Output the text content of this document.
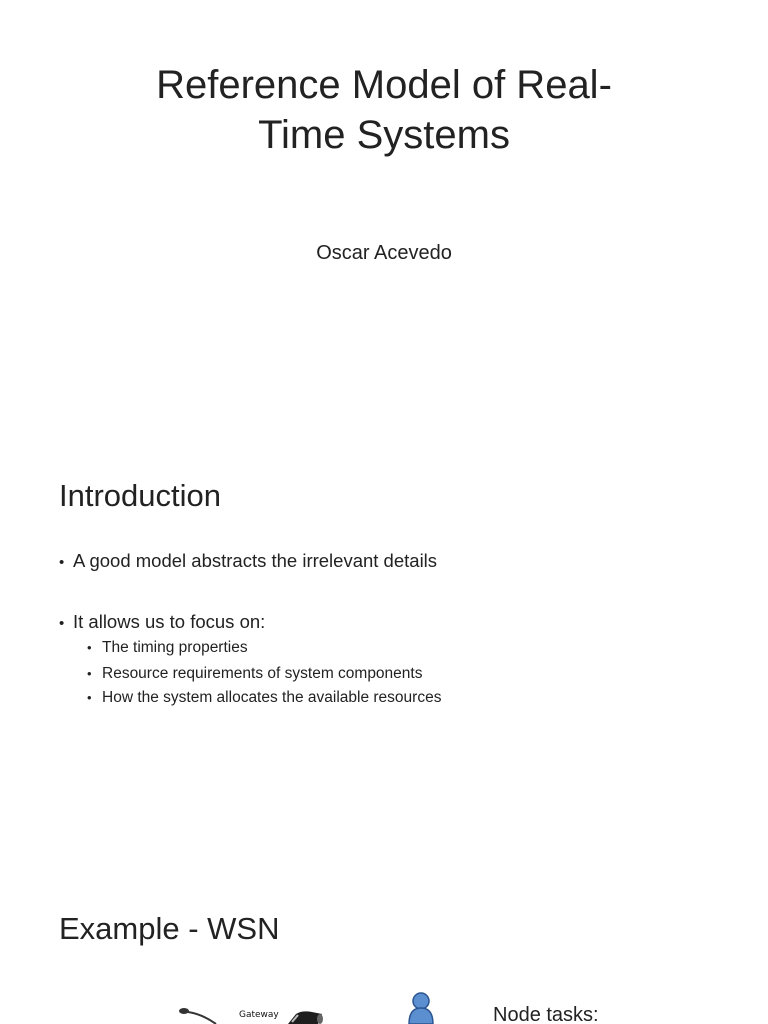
Reference Model of Real-
Time Systems

Oscar Acevedo

Introduction
• A good model abstracts the irrelevant details
• It allows us to focus on:
• The timing properties
• Resource requirements of system components
• How the system allocates the available resources
Example - WSN
Gateway	Node tasks:
